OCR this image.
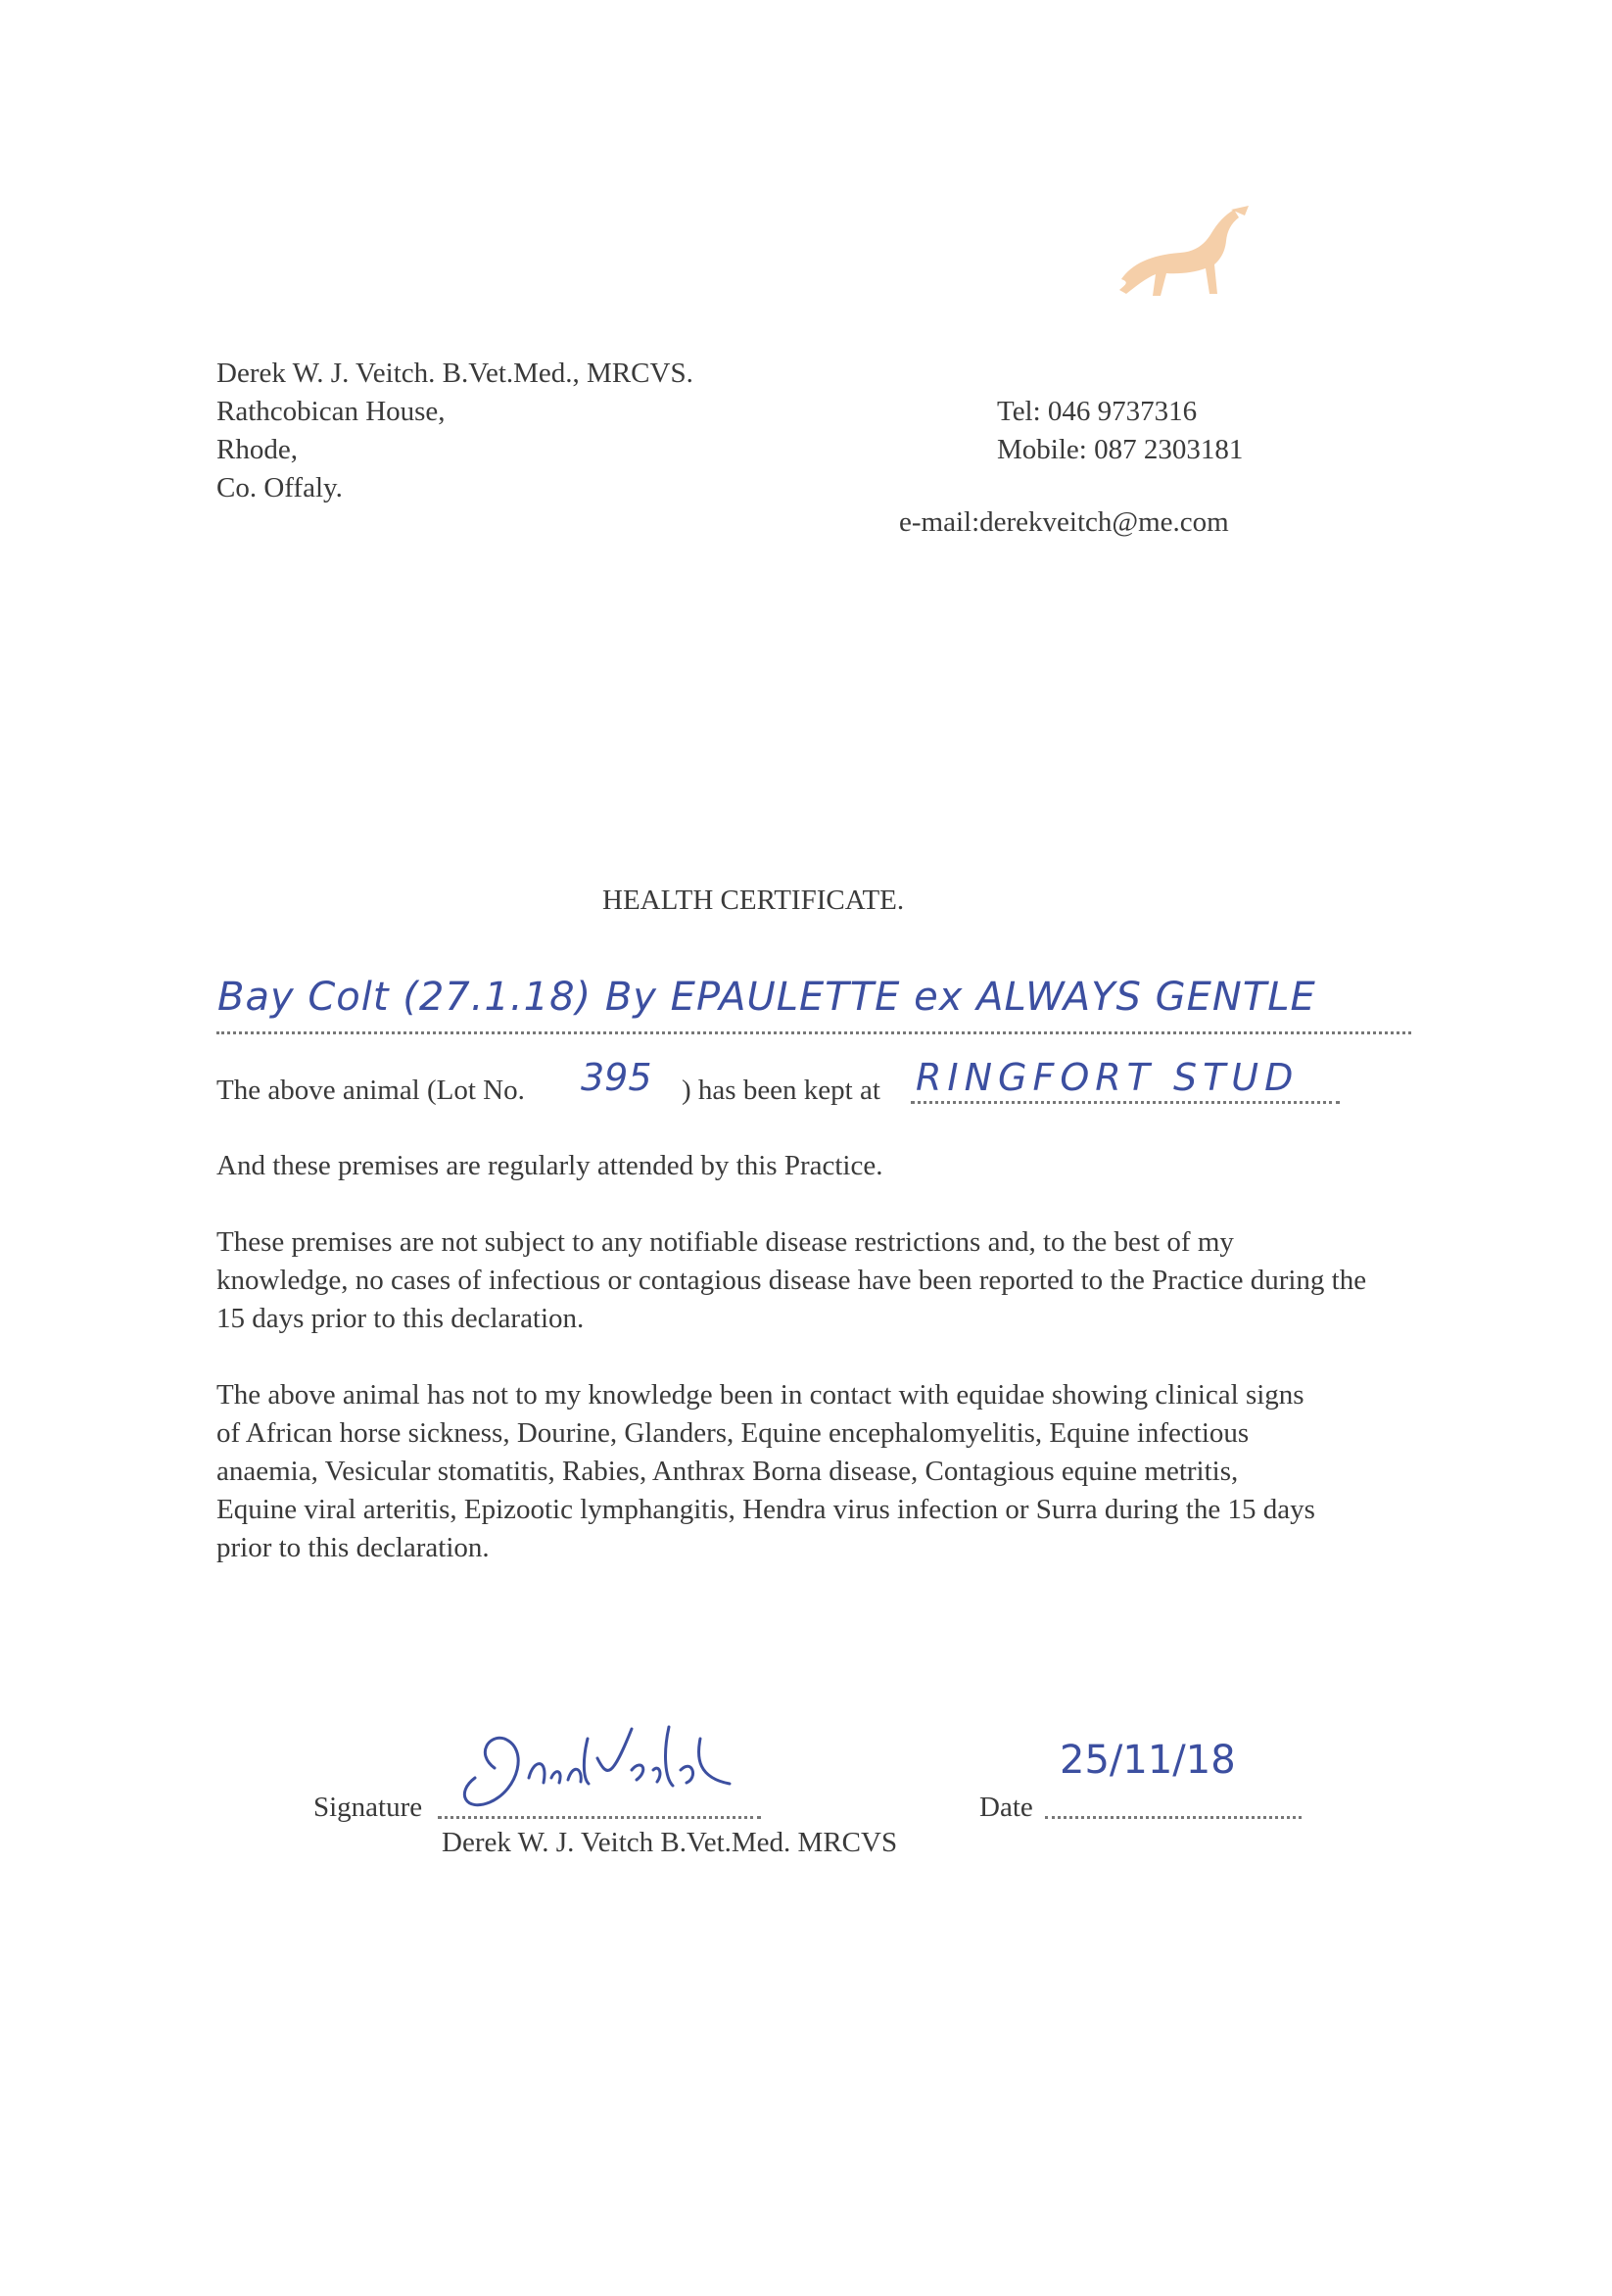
Derek W. J. Veitch. B.Vet.Med., MRCVS.
Rathcobican House,
Rhode,
Co. Offaly.
Tel: 046 9737316
Mobile: 087 2303181
e-mail:derekveitch@me.com
HEALTH CERTIFICATE.
Bay Colt (27.1.18) By EPAULETTE ex ALWAYS GENTLE
The above animal (Lot No. 395 ) has been kept at RINGFORT STUD
And these premises are regularly attended by this Practice.
These premises are not subject to any notifiable disease restrictions and, to the best of my knowledge, no cases of infectious or contagious disease have been reported to the Practice during the 15 days prior to this declaration.
The above animal has not to my knowledge been in contact with equidae showing clinical signs of African horse sickness, Dourine, Glanders, Equine encephalomyelitis, Equine infectious anaemia, Vesicular stomatitis, Rabies, Anthrax Borna disease, Contagious equine metritis, Equine viral arteritis, Epizootic lymphangitis, Hendra virus infection or Surra during the 15 days prior to this declaration.
Signature	Date
25/11/18
Derek W. J. Veitch B.Vet.Med. MRCVS
